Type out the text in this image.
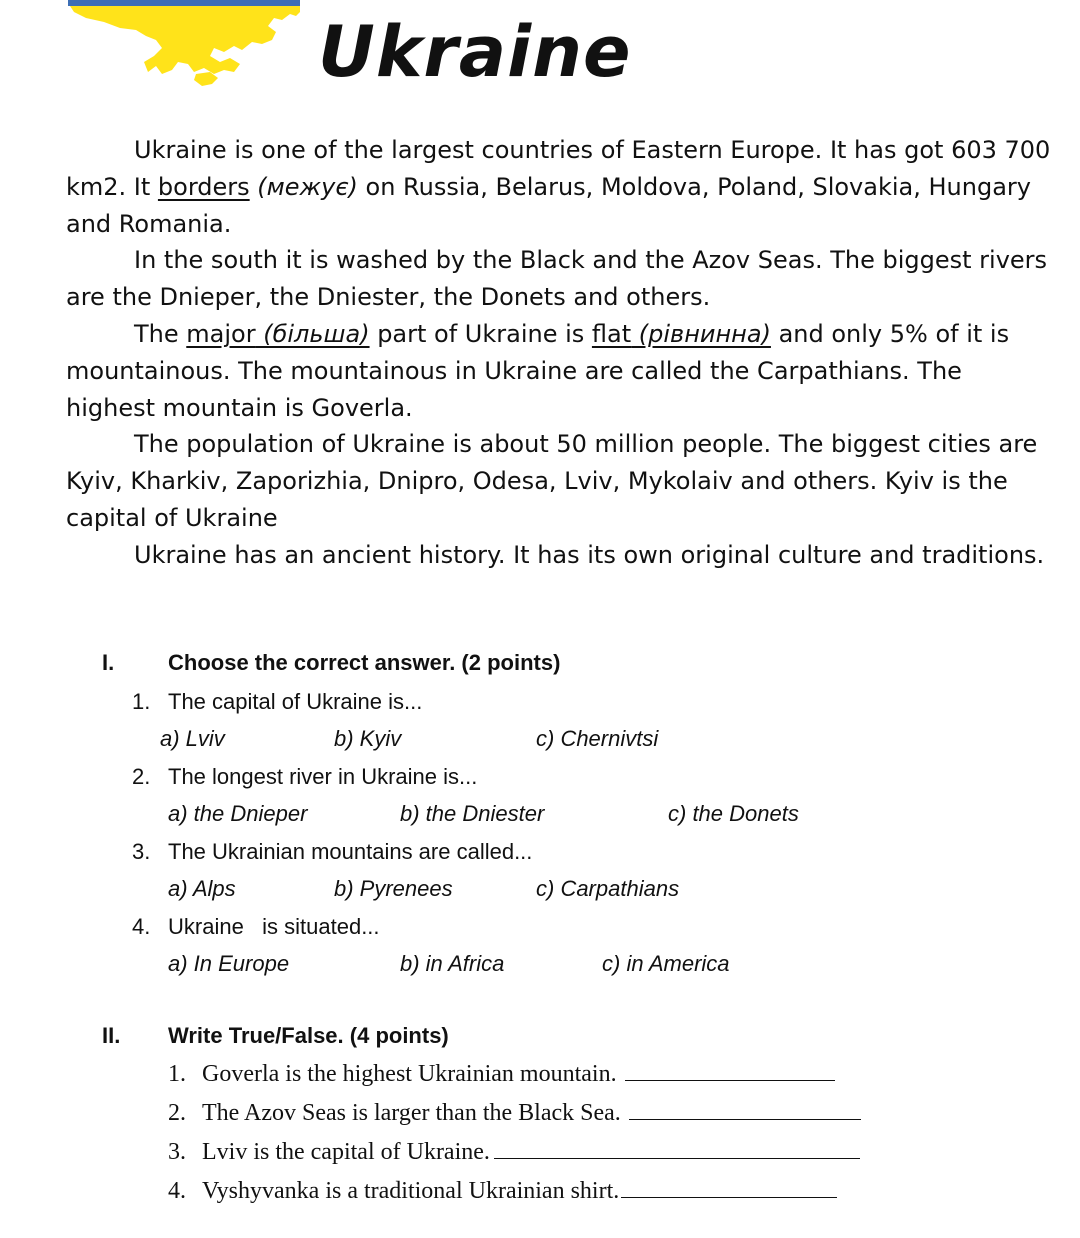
Ukraine

Ukraine is one of the largest countries of Eastern Europe. It has got 603 700 km2. It borders (межує) on Russia, Belarus, Moldova, Poland, Slovakia, Hungary and Romania.

In the south it is washed by the Black and the Azov Seas. The biggest rivers are the Dnieper, the Dniester, the Donets and others.

The major (більша) part of Ukraine is flat (рівнинна) and only 5% of it is mountainous. The mountainous in Ukraine are called the Carpathians. The highest mountain is Goverla.

The population of Ukraine is about 50 million people. The biggest cities are Kyiv, Kharkiv, Zaporizhia, Dnipro, Odesa, Lviv, Mykolaiv and others. Kyiv is the capital of Ukraine

Ukraine has an ancient history. It has its own original culture and traditions.

I. Choose the correct answer. (2 points)
1. The capital of Ukraine is...
a) Lviv	b) Kyiv	c) Chernivtsi
2. The longest river in Ukraine is...
a) the Dnieper	b) the Dniester	c) the Donets
3. The Ukrainian mountains are called...
a) Alps	b) Pyrenees	c) Carpathians
4. Ukraine   is situated...
a) In Europe	b) in Africa	c) in America
II. Write True/False. (4 points)
1. Goverla is the highest Ukrainian mountain.
2. The Azov Seas is larger than the Black Sea.
3. Lviv is the capital of Ukraine.
4. Vyshyvanka is a traditional Ukrainian shirt.
